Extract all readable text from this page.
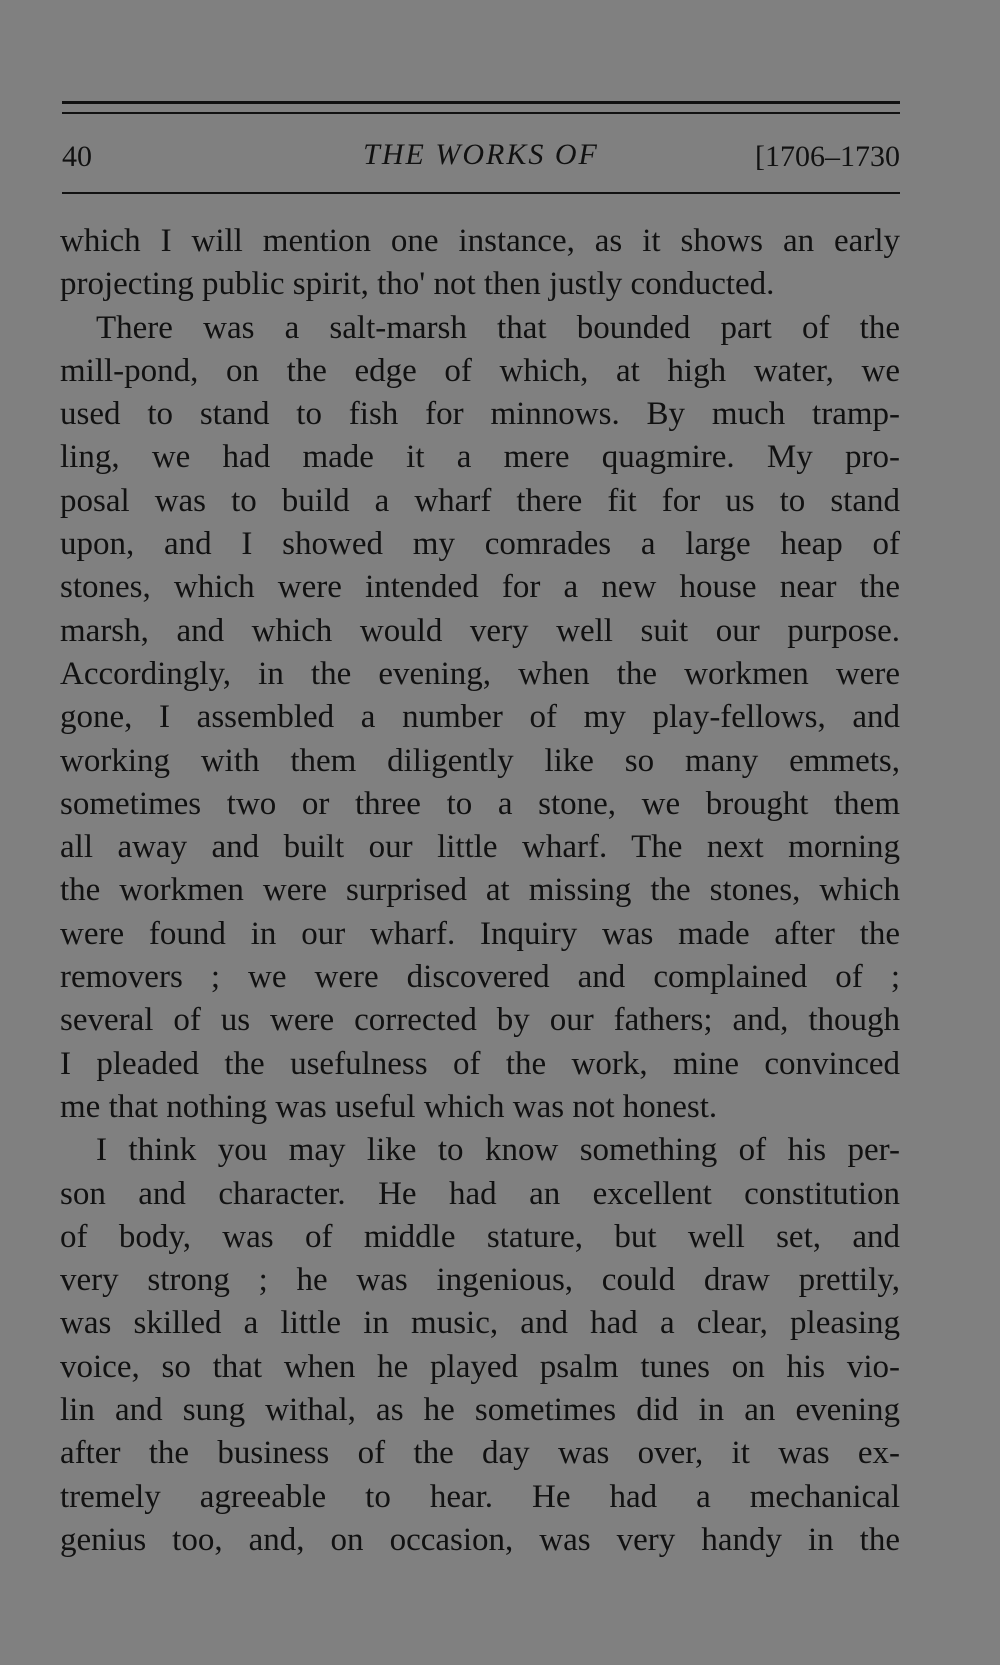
40	THE WORKS OF	[1706–1730
which I will mention one instance, as it shows an early
projecting public spirit, tho' not then justly conducted.
There was a salt-marsh that bounded part of the
mill-pond, on the edge of which, at high water, we
used to stand to fish for minnows. By much tramp-
ling, we had made it a mere quagmire. My pro-
posal was to build a wharf there fit for us to stand
upon, and I showed my comrades a large heap of
stones, which were intended for a new house near the
marsh, and which would very well suit our purpose.
Accordingly, in the evening, when the workmen were
gone, I assembled a number of my play-fellows, and
working with them diligently like so many emmets,
sometimes two or three to a stone, we brought them
all away and built our little wharf. The next morning
the workmen were surprised at missing the stones, which
were found in our wharf. Inquiry was made after the
removers ; we were discovered and complained of ;
several of us were corrected by our fathers; and, though
I pleaded the usefulness of the work, mine convinced
me that nothing was useful which was not honest.
I think you may like to know something of his per-
son and character. He had an excellent constitution
of body, was of middle stature, but well set, and
very strong ; he was ingenious, could draw prettily,
was skilled a little in music, and had a clear, pleasing
voice, so that when he played psalm tunes on his vio-
lin and sung withal, as he sometimes did in an evening
after the business of the day was over, it was ex-
tremely agreeable to hear. He had a mechanical
genius too, and, on occasion, was very handy in the
